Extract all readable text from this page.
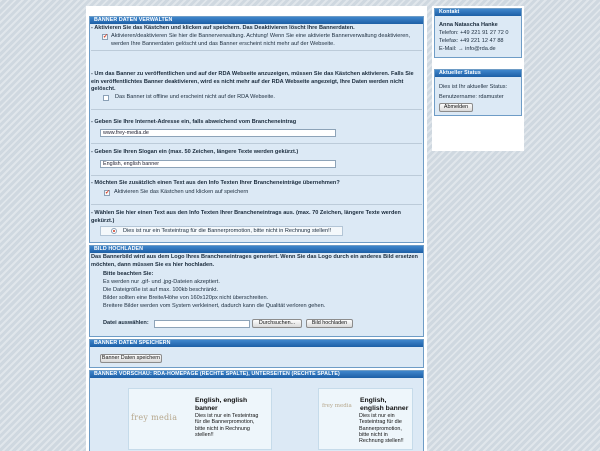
BANNER DATEN VERWALTEN
- Aktivieren Sie das Kästchen und klicken auf speichern. Das Deaktivieren löscht Ihre Bannerdaten.
✓
Aktivieren/deaktivieren Sie hier die Bannerverwaltung. Achtung! Wenn Sie eine aktivierte Bannerverwaltung deaktivieren, werden Ihre Bannerdaten gelöscht und das Banner erscheint nicht mehr auf der Webseite.
- Um das Banner zu veröffentlichen und auf der RDA Webseite anzuzeigen, müssen Sie das Kästchen aktivieren. Falls Sie ein veröffentlichtes Banner deaktivieren, wird es nicht mehr auf der RDA Webseite angezeigt, Ihre Daten werden nicht gelöscht.
Das Banner ist offline und erscheint nicht auf der RDA Webseite.
- Geben Sie Ihre Internet-Adresse ein, falls abweichend vom Brancheneintrag
www.frey-media.de
- Geben Sie Ihren Slogan ein (max. 50 Zeichen, längere Texte werden gekürzt.)
English, english banner
- Möchten Sie zusätzlich einen Text aus den Info Texten Ihrer Brancheneinträge übernehmen?
✓
Aktivieren Sie das Kästchen und klicken auf speichern
- Wählen Sie hier einen Text aus den Info Texten Ihrer Brancheneintrags aus. (max. 70 Zeichen, längere Texte werden gekürzt.)
Dies ist nur ein Testeintrag für die Bannerpromotion, bitte nicht in Rechnung stellen!!
BILD HOCHLADEN
Das Bannerbild wird aus dem Logo Ihres Brancheneintrages generiert. Wenn Sie das Logo durch ein anderes Bild ersetzen möchten, dann müssen Sie es hier hochladen.
Bitte beachten Sie:
Es werden nur .gif- und .jpg-Dateien akzeptiert.
Die Dateigröße ist auf max. 100kb beschränkt.
Bilder sollten eine Breite/Höhe von 160x120px nicht überschreiten.
Breitere Bilder werden vom System verkleinert, dadurch kann die Qualität verloren gehen.
Datei auswählen:	Durchsuchen...	Bild hochladen
BANNER DATEN SPEICHERN
Banner Daten speichern
BANNER VORSCHAU: RDA-HOMEPAGE (RECHTE SPALTE), UNTERSEITEN (RECHTE SPALTE)
frey media
English, english banner
Dies ist nur ein Testeintrag für die Bannerpromotion, bitte nicht in Rechnung stellen!!
frey media
English, english banner
Dies ist nur ein Testeintrag für die Bannerpromotion, bitte nicht in Rechnung stellen!!
Kontakt
Anna Natascha Hanke
Telefon: +49 221 91 27 72 0
Telefax: +49 221 12 47 88
E-Mail: → info@rda.de
Aktueller Status
Dies ist Ihr aktueller Status:
Benutzername: rdamuster
Abmelden
